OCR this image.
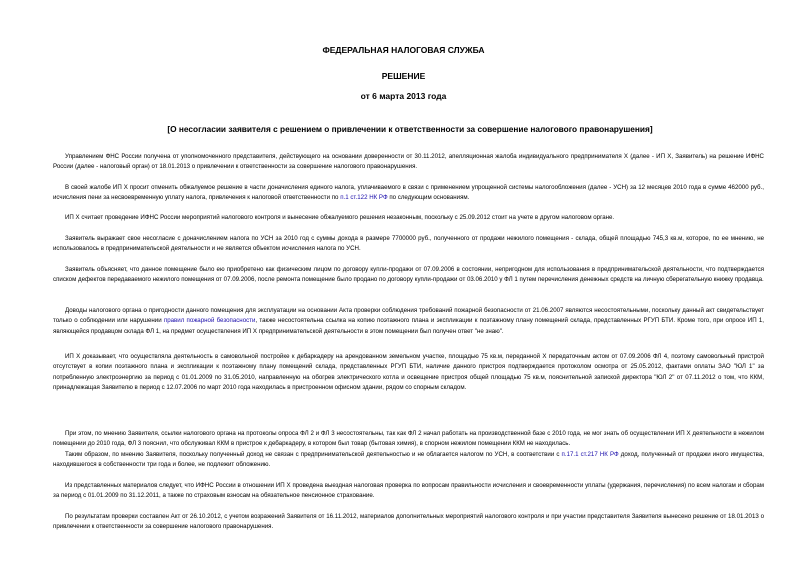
ФЕДЕРАЛЬНАЯ НАЛОГОВАЯ СЛУЖБА
РЕШЕНИЕ
от 6 марта 2013 года
[О несогласии заявителя с решением о привлечении к ответственности за совершение налогового правонарушения]
Управлением ФНС России получена от уполномоченного представителя, действующего на основании доверенности от 30.11.2012, апелляционная жалоба индивидуального предпринимателя Х (далее - ИП Х, Заявитель) на решение ИФНС России (далее - налоговый орган) от 18.01.2013 о привлечении к ответственности за совершение налогового правонарушения.
В своей жалобе ИП Х просит отменить обжалуемое решение в части доначисления единого налога, уплачиваемого в связи с применением упрощенной системы налогообложения (далее - УСН) за 12 месяцев 2010 года в сумме 462000 руб., исчисления пени за несвоевременную уплату налога, привлечения к налоговой ответственности по п.1 ст.122 НК РФ по следующим основаниям.
ИП Х считает проведение ИФНС России мероприятий налогового контроля и вынесение обжалуемого решения незаконным, поскольку с 25.09.2012 стоит на учете в другом налоговом органе.
Заявитель выражает свое несогласие с доначислением налога по УСН за 2010 год с суммы дохода в размере 7700000 руб., полученного от продажи нежилого помещения - склада, общей площадью 745,3 кв.м, которое, по ее мнению, не использовалось в предпринимательской деятельности и не является объектом исчисления налога по УСН.
Заявитель объясняет, что данное помещение было ею приобретено как физическим лицом по договору купли-продажи от 07.09.2006 в состоянии, непригодном для использования в предпринимательской деятельности, что подтверждается списком дефектов передаваемого нежилого помещения от 07.09.2006, после ремонта помещение было продано по договору купли-продажи от 03.06.2010 у ФЛ 1 путем перечисления денежных средств на личную сберегательную книжку продавца.
Доводы налогового органа о пригодности данного помещения для эксплуатации на основании Акта проверки соблюдения требований пожарной безопасности от 21.06.2007 являются несостоятельными, поскольку данный акт свидетельствует только о соблюдении или нарушении правил пожарной безопасности, также несостоятельна ссылка на копию поэтажного плана и экспликации к поэтажному плану помещений склада, представленных РГУП БТИ. Кроме того, при опросе ИП 1, являющейся продавцом склада ФЛ 1, на предмет осуществления ИП Х предпринимательской деятельности в этом помещении был получен ответ "не знаю".
ИП Х доказывает, что осуществляла деятельность в самовольной постройке к дебаркадеру на арендованном земельном участке, площадью 75 кв.м, переданной Х передаточным актом от 07.09.2006 ФЛ 4, поэтому самовольный пристрой отсутствует в копии поэтажного плана и экспликации к поэтажному плану помещений склада, представленных РГУП БТИ, наличие данного пристроя подтверждается протоколом осмотра от 25.05.2012, фактами оплаты ЗАО "ЮЛ 1" за потребленную электроэнергию за период с 01.01.2009 по 31.05.2010, направленную на обогрев электрического котла и освещение пристроя общей площадью 75 кв.м, пояснительной запиской директора "ЮЛ 2" от 07.11.2012 о том, что ККМ, принадлежащая Заявителю в период с 12.07.2006 по март 2010 года находилась в пристроенном офисном здании, рядом со спорным складом.
При этом, по мнению Заявителя, ссылки налогового органа на протоколы опроса ФЛ 2 и ФЛ 3 несостоятельны, так как ФЛ 2 начал работать на производственной базе с 2010 года, не мог знать об осуществлении ИП Х деятельности в нежилом помещении до 2010 года, ФЛ 3 пояснил, что обслуживал ККМ в пристрое к дебаркадеру, в котором был товар (бытовая химия), в спорном нежилом помещении ККМ не находилась.
Таким образом, по мнению Заявителя, поскольку полученный доход не связан с предпринимательской деятельностью и не облагается налогом по УСН, в соответствии с п.17.1 ст.217 НК РФ доход, полученный от продажи иного имущества, находившегося в собственности три года и более, не подлежит обложению.
Из представленных материалов следует, что ИФНС России в отношении ИП Х проведена выездная налоговая проверка по вопросам правильности исчисления и своевременности уплаты (удержания, перечисления) по всем налогам и сборам за период с 01.01.2009 по 31.12.2011, а также по страховым взносам на обязательное пенсионное страхование.
По результатам проверки составлен Акт от 26.10.2012, с учетом возражений Заявителя от 16.11.2012, материалов дополнительных мероприятий налогового контроля и при участии представителя Заявителя вынесено решение от 18.01.2013 о привлечении к ответственности за совершение налогового правонарушения.
